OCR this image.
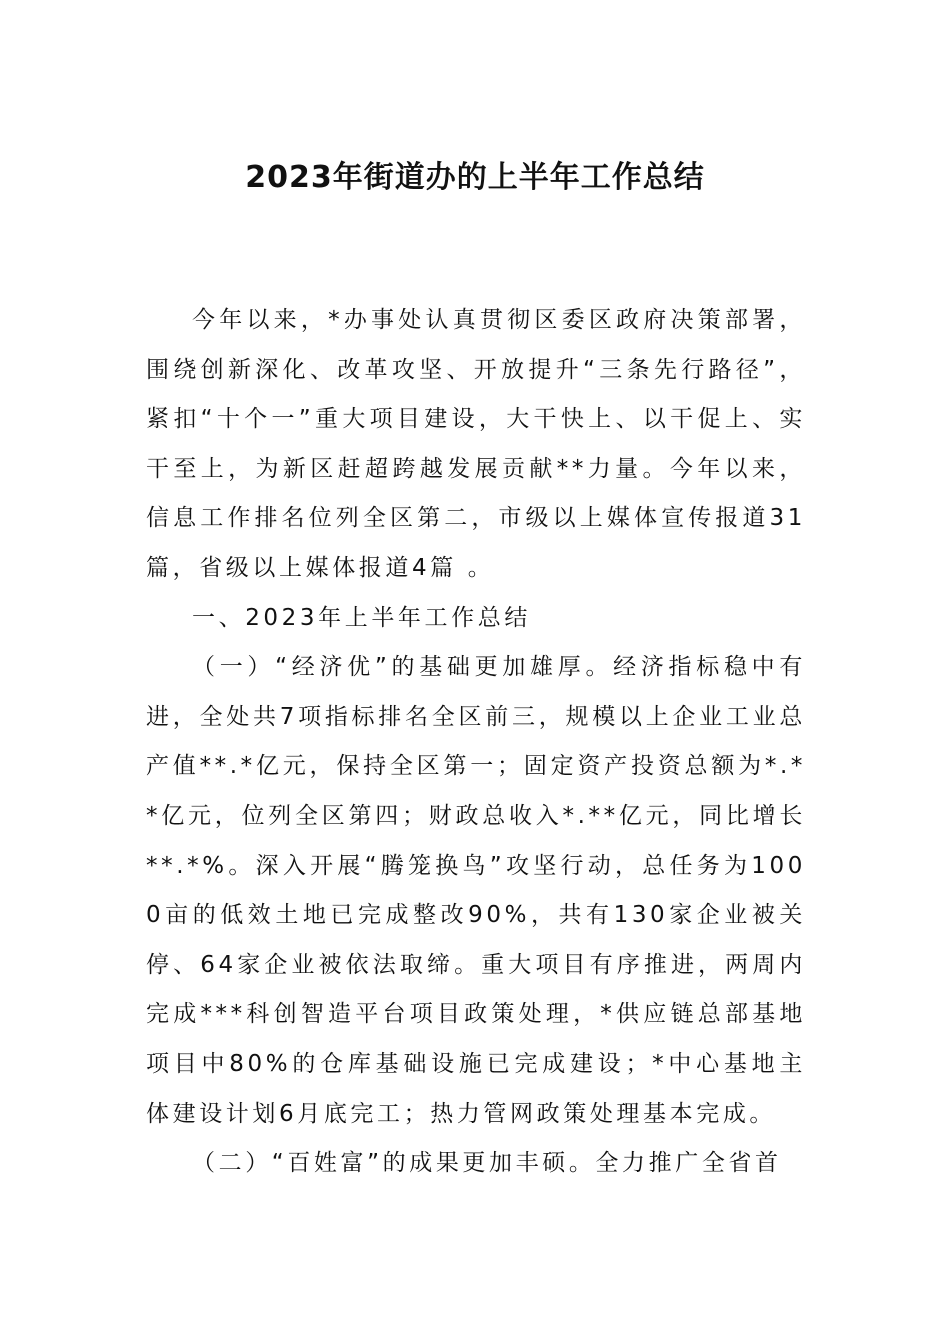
2023年街道办的上半年工作总结

今年以来，*办事处认真贯彻区委区政府决策部署，围绕创新深化、改革攻坚、开放提升“三条先行路径”，紧扣“十个一”重大项目建设，大干快上、以干促上、实干至上，为新区赶超跨越发展贡献**力量。今年以来，信息工作排名位列全区第二，市级以上媒体宣传报道31篇，省级以上媒体报道4篇 。

一、2023年上半年工作总结

（一）“经济优”的基础更加雄厚。经济指标稳中有进，全处共7项指标排名全区前三，规模以上企业工业总产值**.*亿元，保持全区第一；固定资产投资总额为*.**亿元，位列全区第四；财政总收入*.**亿元，同比增长**.*%。深入开展“腾笼换鸟”攻坚行动，总任务为1000亩的低效土地已完成整改90%，共有130家企业被关停、64家企业被依法取缔。重大项目有序推进，两周内完成***科创智造平台项目政策处理，*供应链总部基地项目中80%的仓库基础设施已完成建设；*中心基地主体建设计划6月底完工；热力管网政策处理基本完成。

（二）“百姓富”的成果更加丰硕。全力推广全省首
